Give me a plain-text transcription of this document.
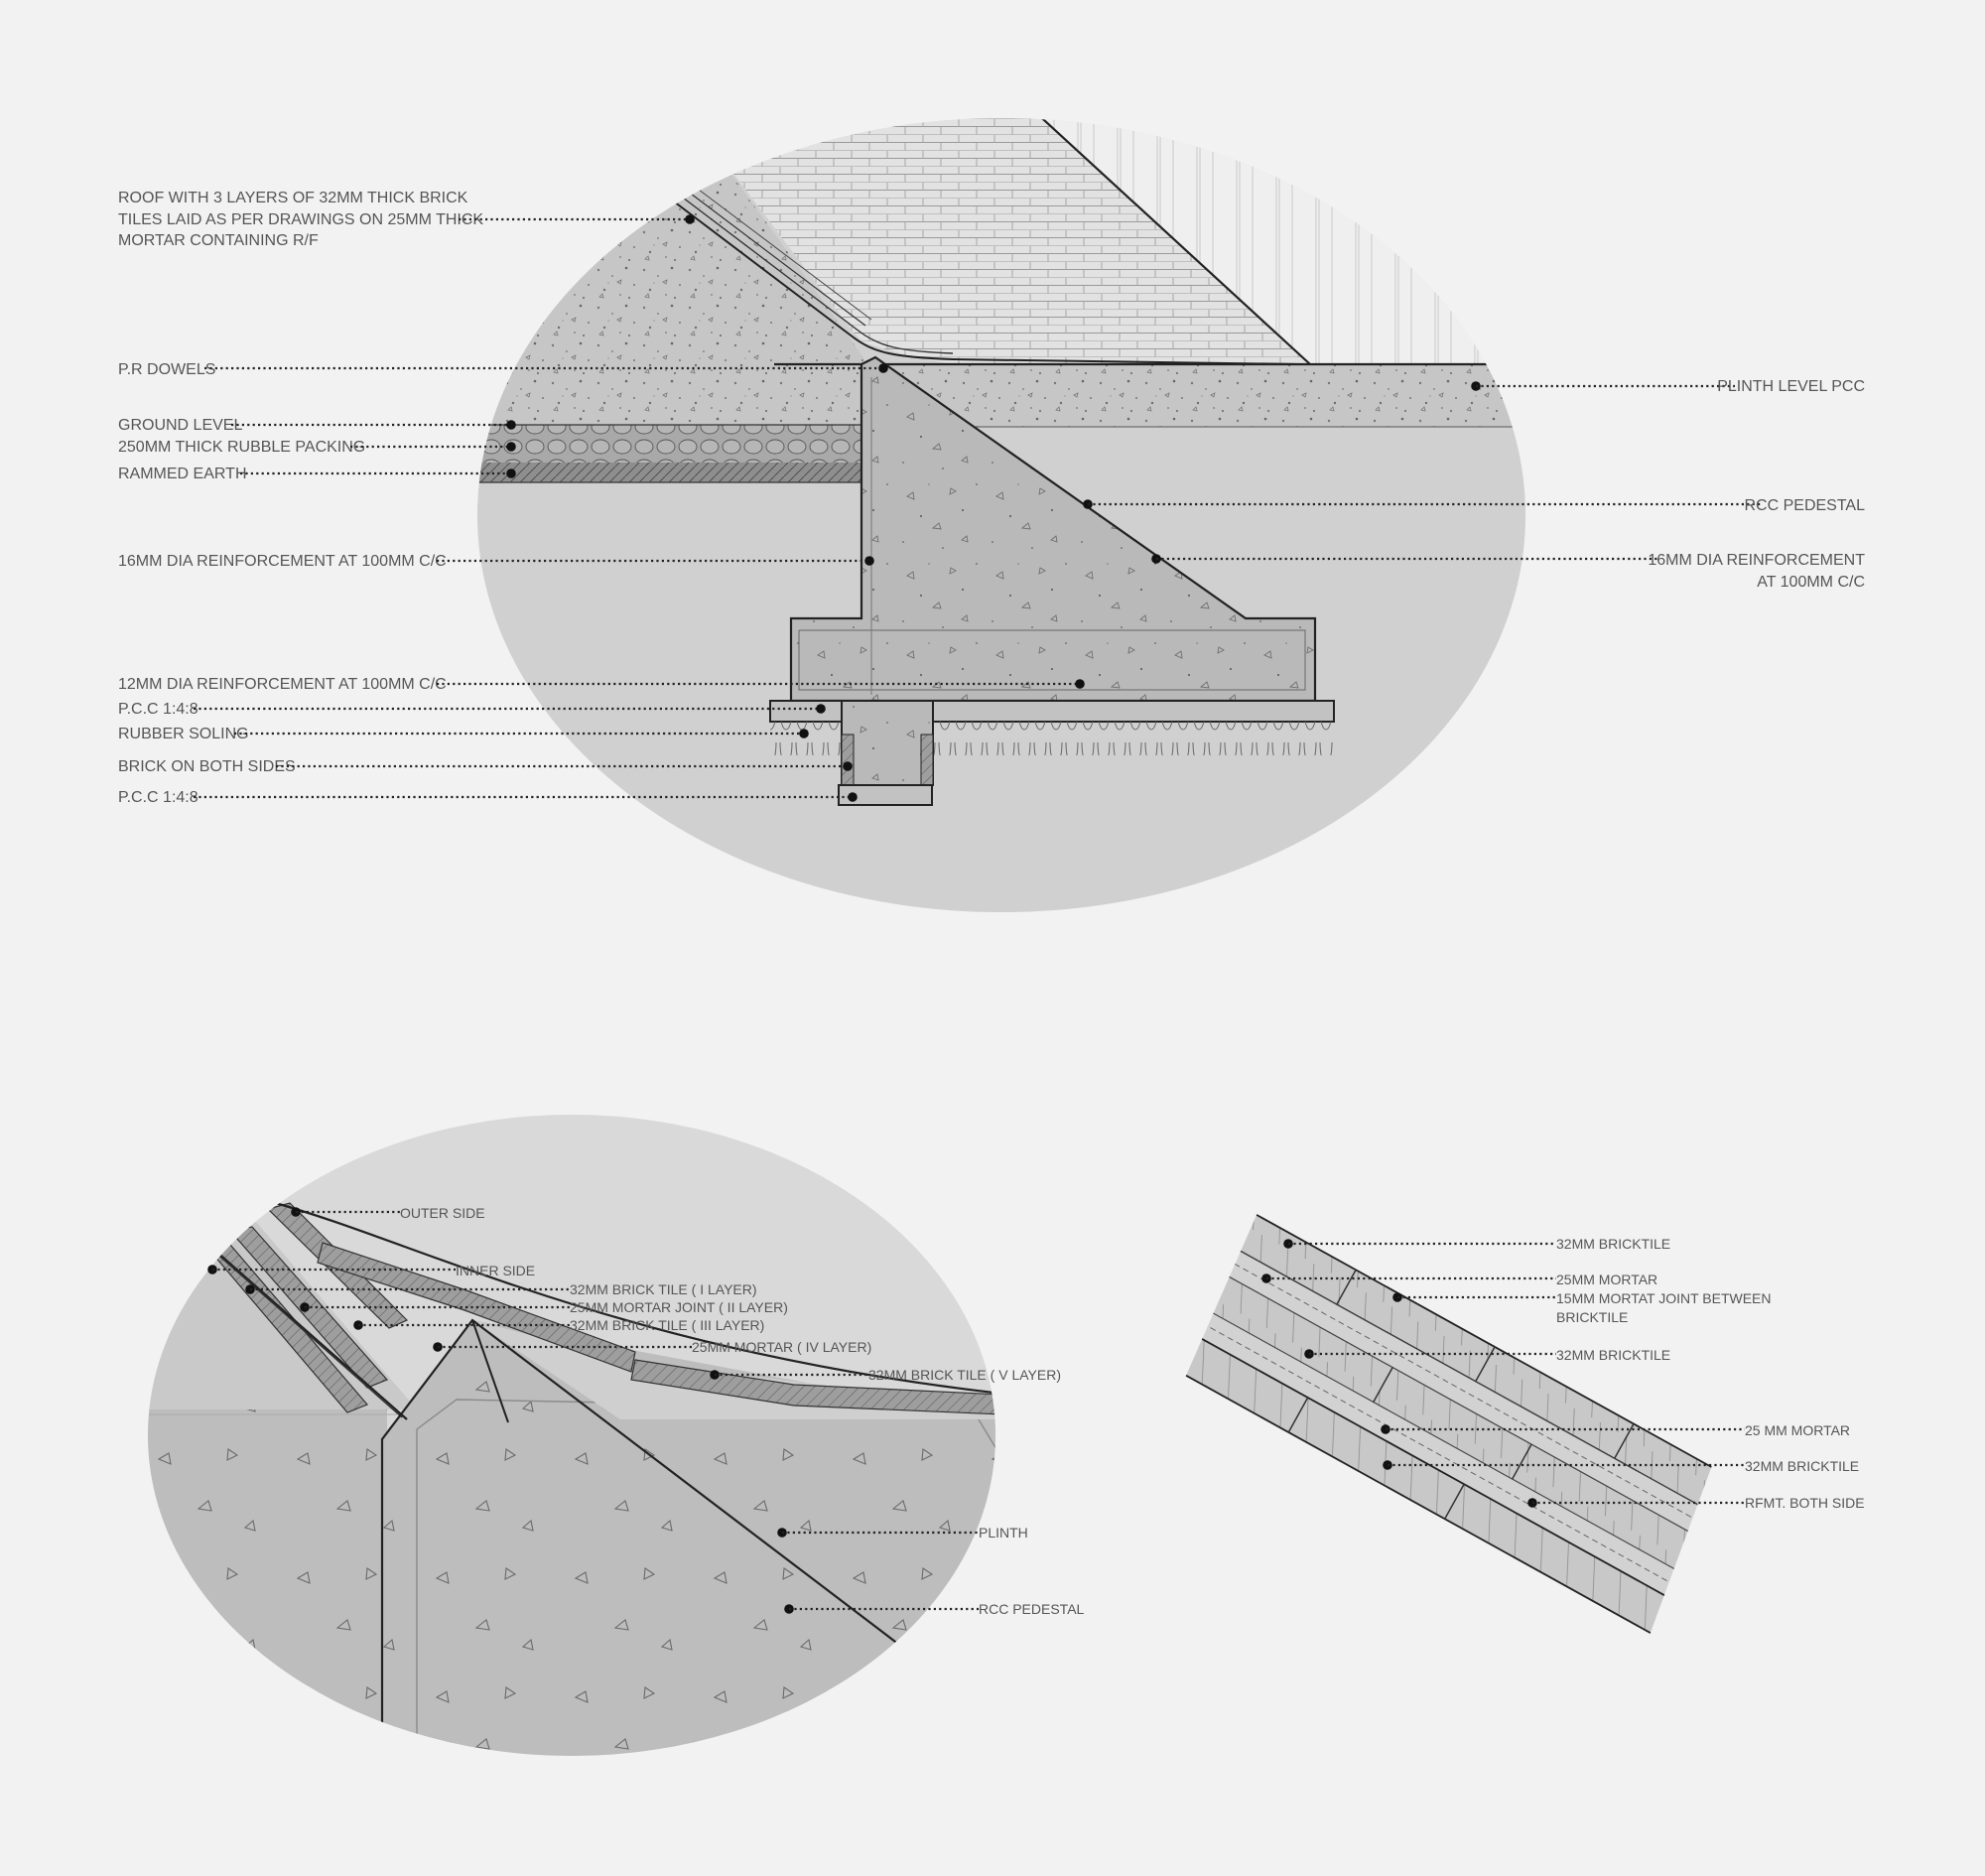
ROOF WITH 3 LAYERS OF 32MM THICK BRICK
TILES LAID AS PER DRAWINGS ON 25MM THICK
MORTAR CONTAINING R/F
P.R DOWELS
GROUND LEVEL
250MM THICK RUBBLE PACKING
RAMMED EARTH
16MM DIA REINFORCEMENT AT 100MM C/C
12MM DIA REINFORCEMENT AT 100MM C/C
P.C.C 1:4:8
RUBBER SOLING
BRICK ON BOTH SIDES
P.C.C 1:4:8
PLINTH LEVEL PCC
RCC PEDESTAL
16MM DIA REINFORCEMENT
AT 100MM C/C
OUTER SIDE
INNER SIDE
32MM BRICK TILE ( I LAYER)
25MM MORTAR JOINT ( II LAYER)
32MM BRICK TILE ( III LAYER)
25MM MORTAR ( IV LAYER)
32MM BRICK TILE ( V LAYER)
PLINTH
RCC PEDESTAL
32MM BRICKTILE
25MM MORTAR
15MM MORTAT JOINT BETWEEN
BRICKTILE
32MM BRICKTILE
25 MM MORTAR
32MM BRICKTILE
RFMT. BOTH SIDE
